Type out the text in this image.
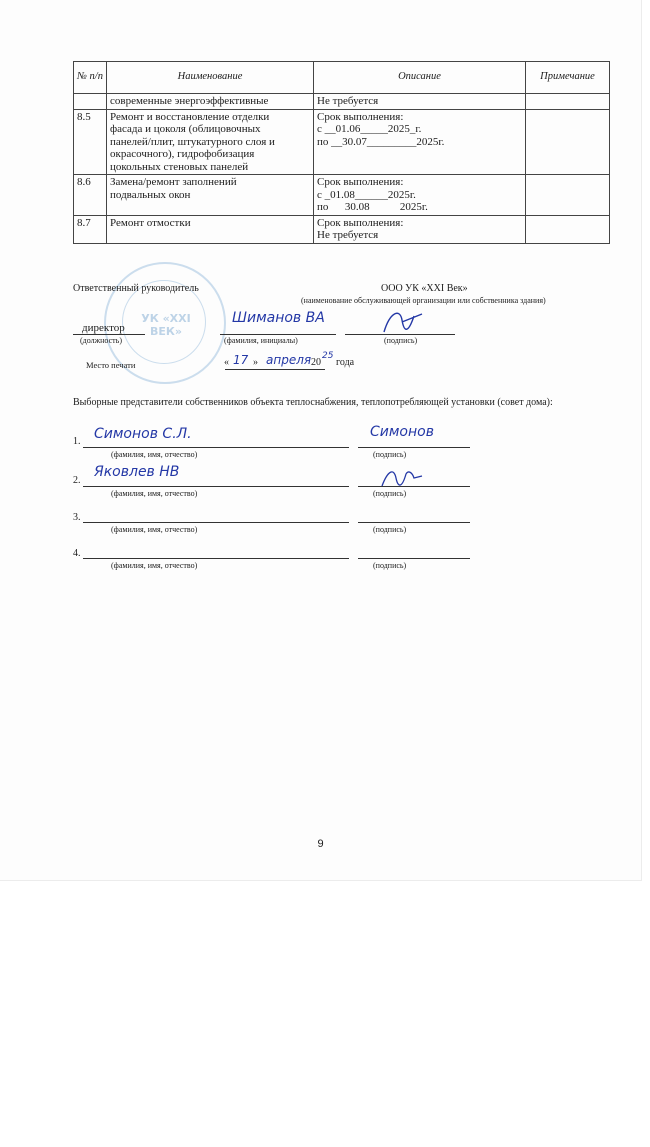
№ п/п	Наименование	Описание	Примечание

	современные энергоэффективные	Не требуется	

8.5	Ремонт и восстановление отделки
фасада и цоколя (облицовочных
панелей/плит, штукатурного слоя и
окрасочного), гидрофобизация
цокольных стеновых панелей	Срок выполнения:
с __01.06_____2025_г.
по __30.07_________2025г.	

8.6	Замена/ремонт заполнений
подвальных окон	Срок выполнения:
с _01.08______2025г.
по      30.08           2025г.	

8.7	Ремонт отмостки	Срок выполнения:
Не требуется	

УК «XXI ВЕК»
Ответственный руководитель	ООО УК «XXI Век»
(наименование обслуживающей организации или собственника здания)
директор
Шиманов ВА
(должность)	(фамилия, инициалы)	(подпись)
Место печати	« 17 » апреля 20
25
года
Выборные представители собственников объекта теплоснабжения, теплопотребляющей установки (совет дома):
1. Симонов С.Л.	Симонов
(фамилия, имя, отчество)	(подпись)
2.
Яковлев НВ
(фамилия, имя, отчество)	(подпись)
3.
(фамилия, имя, отчество)	(подпись)
4.
(фамилия, имя, отчество)	(подпись)
9
